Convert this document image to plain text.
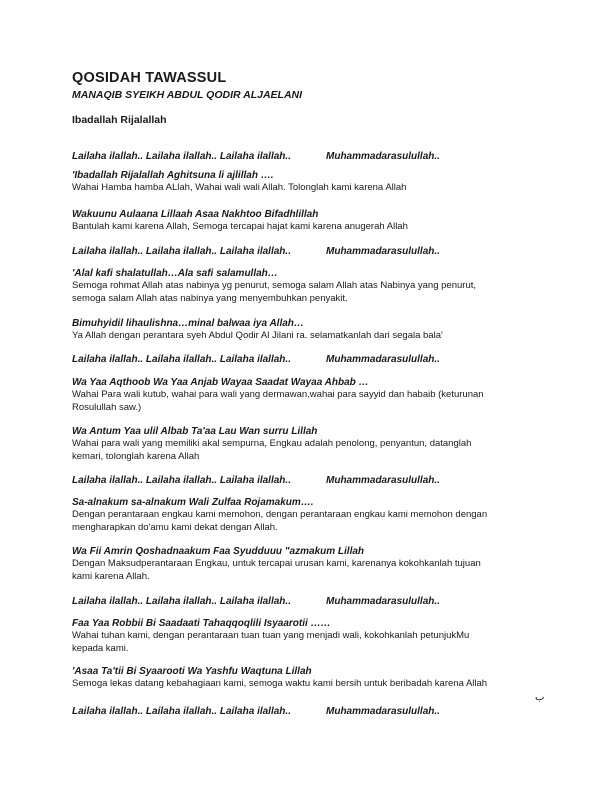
QOSIDAH TAWASSUL
MANAQIB SYEIKH ABDUL QODIR ALJAELANI
Ibadallah Rijalallah
Lailaha ilallah.. Lailaha ilallah.. Lailaha ilallah..	Muhammadarasulullah..
'Ibadallah Rijalallah Aghitsuna li ajlillah ….
Wahai Hamba hamba ALlah, Wahai wali wali Allah. Tolonglah kami karena Allah
Wakuunu Aulaana Lillaah Asaa Nakhtoo Bifadhlillah
Bantulah kami karena Allah, Semoga tercapai hajat kami karena anugerah Allah
Lailaha ilallah.. Lailaha ilallah.. Lailaha ilallah..	Muhammadarasulullah..
'Alal kafi shalatullah…Ala safi salamullah…
Semoga rohmat Allah atas nabinya yg penurut, semoga salam Allah atas Nabinya yang penurut,
semoga salam Allah atas nabinya yang menyembuhkan penyakit.
Bimuhyidil lihaulishna…minal balwaa iya Allah…
Ya Allah dengan perantara syeh Abdul Qodir Al Jilani ra. selamatkanlah dari segala bala'
Lailaha ilallah.. Lailaha ilallah.. Lailaha ilallah..	Muhammadarasulullah..
Wa Yaa Aqthoob Wa Yaa Anjab Wayaa Saadat Wayaa Ahbab …
Wahai Para wali kutub, wahai para wali yang dermawan,wahai para sayyid dan habaib (keturunan
Rosulullah saw.)
Wa Antum Yaa ulil Albab Ta'aa Lau Wan surru Lillah
Wahai para wali yang memiliki akal sempurna, Engkau adalah penolong, penyantun, datanglah
kemari, tolonglah karena Allah
Lailaha ilallah.. Lailaha ilallah.. Lailaha ilallah..	Muhammadarasulullah..
Sa-alnakum sa-alnakum Wali Zulfaa Rojamakum….
Dengan perantaraan engkau kami memohon, dengan perantaraan engkau kami memohon dengan
mengharapkan do'amu kami dekat dengan Allah.
Wa Fii Amrin Qoshadnaakum Faa Syudduuu "azmakum Lillah
Dengan Maksudperantaraan Engkau, untuk tercapai urusan kami, karenanya kokohkanlah tujuan
kami karena Allah.
Lailaha ilallah.. Lailaha ilallah.. Lailaha ilallah..	Muhammadarasulullah..
Faa Yaa Robbii Bi Saadaati Tahaqqoqlili Isyaarotii ……
Wahai tuhan kami, dengan perantaraan tuan tuan yang menjadi wali, kokohkanlah petunjukMu
kepada kami.
'Asaa Ta'tii Bi Syaarooti Wa Yashfu Waqtuna Lillah
Semoga lekas datang kebahagiaan kami, semoga waktu kami bersih untuk beribadah karena Allah
ب
Lailaha ilallah.. Lailaha ilallah.. Lailaha ilallah..	Muhammadarasulullah..
